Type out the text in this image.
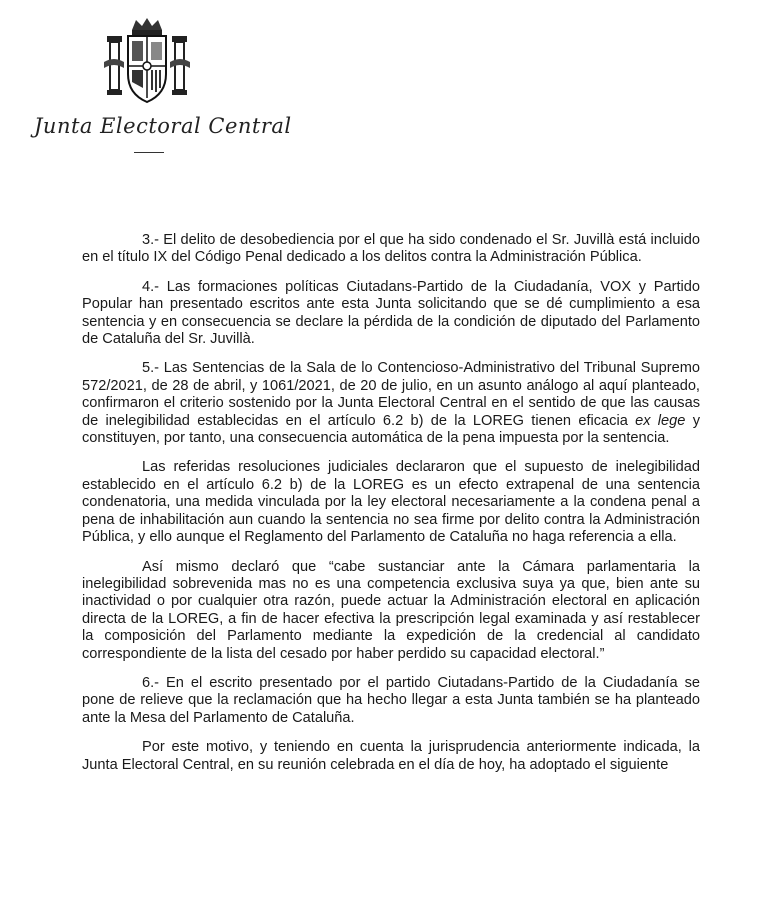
Junta Electoral Central

3.- El delito de desobediencia por el que ha sido condenado el Sr. Juvillà está incluido en el título IX del Código Penal dedicado a los delitos contra la Administración Pública.

4.- Las formaciones políticas Ciutadans-Partido de la Ciudadanía, VOX y Partido Popular han presentado escritos ante esta Junta solicitando que se dé cumplimiento a esa sentencia y en consecuencia se declare la pérdida de la condición de diputado del Parlamento de Cataluña del Sr. Juvillà.

5.- Las Sentencias de la Sala de lo Contencioso-Administrativo del Tribunal Supremo 572/2021, de 28 de abril, y 1061/2021, de 20 de julio, en un asunto análogo al aquí planteado, confirmaron el criterio sostenido por la Junta Electoral Central en el sentido de que las causas de inelegibilidad establecidas en el artículo 6.2 b) de la LOREG tienen eficacia ex lege y constituyen, por tanto, una consecuencia automática de la pena impuesta por la sentencia.

Las referidas resoluciones judiciales declararon que el supuesto de inelegibilidad establecido en el artículo 6.2 b) de la LOREG es un efecto extrapenal de una sentencia condenatoria, una medida vinculada por la ley electoral necesariamente a la condena penal a pena de inhabilitación aun cuando la sentencia no sea firme por delito contra la Administración Pública, y ello aunque el Reglamento del Parlamento de Cataluña no haga referencia a ella.

Así mismo declaró que “cabe sustanciar ante la Cámara parlamentaria la inelegibilidad sobrevenida mas no es una competencia exclusiva suya ya que, bien ante su inactividad o por cualquier otra razón, puede actuar la Administración electoral en aplicación directa de la LOREG, a fin de hacer efectiva la prescripción legal examinada y así restablecer la composición del Parlamento mediante la expedición de la credencial al candidato correspondiente de la lista del cesado por haber perdido su capacidad electoral.”

6.- En el escrito presentado por el partido Ciutadans-Partido de la Ciudadanía se pone de relieve que la reclamación que ha hecho llegar a esta Junta también se ha planteado ante la Mesa del Parlamento de Cataluña.

Por este motivo, y teniendo en cuenta la jurisprudencia anteriormente indicada, la Junta Electoral Central, en su reunión celebrada en el día de hoy, ha adoptado el siguiente
